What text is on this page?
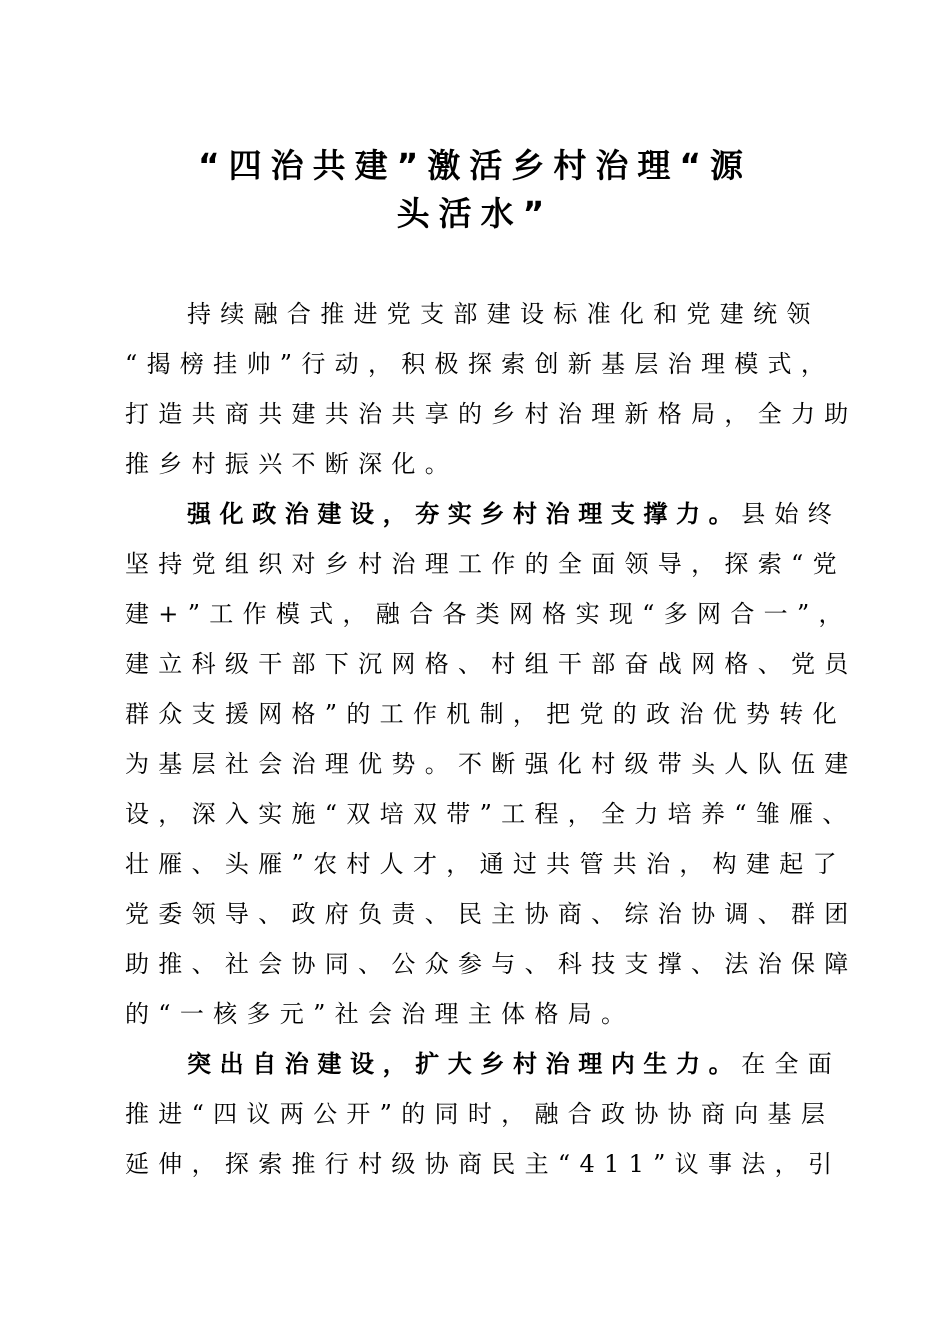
“四治共建”激活乡村治理“源
头活水”
持续融合推进党支部建设标准化和党建统领
“揭榜挂帅”行动，积极探索创新基层治理模式，
打造共商共建共治共享的乡村治理新格局，全力助
推乡村振兴不断深化。
强化政治建设，夯实乡村治理支撑力。县始终
坚持党组织对乡村治理工作的全面领导，探索“党
建+”工作模式，融合各类网格实现“多网合一”，
建立科级干部下沉网格、村组干部奋战网格、党员
群众支援网格”的工作机制，把党的政治优势转化
为基层社会治理优势。不断强化村级带头人队伍建
设，深入实施“双培双带”工程，全力培养“雏雁、
壮雁、头雁”农村人才，通过共管共治，构建起了
党委领导、政府负责、民主协商、综治协调、群团
助推、社会协同、公众参与、科技支撑、法治保障
的“一核多元”社会治理主体格局。
突出自治建设，扩大乡村治理内生力。在全面
推进“四议两公开”的同时，融合政协协商向基层
延伸，探索推行村级协商民主“411”议事法，引
